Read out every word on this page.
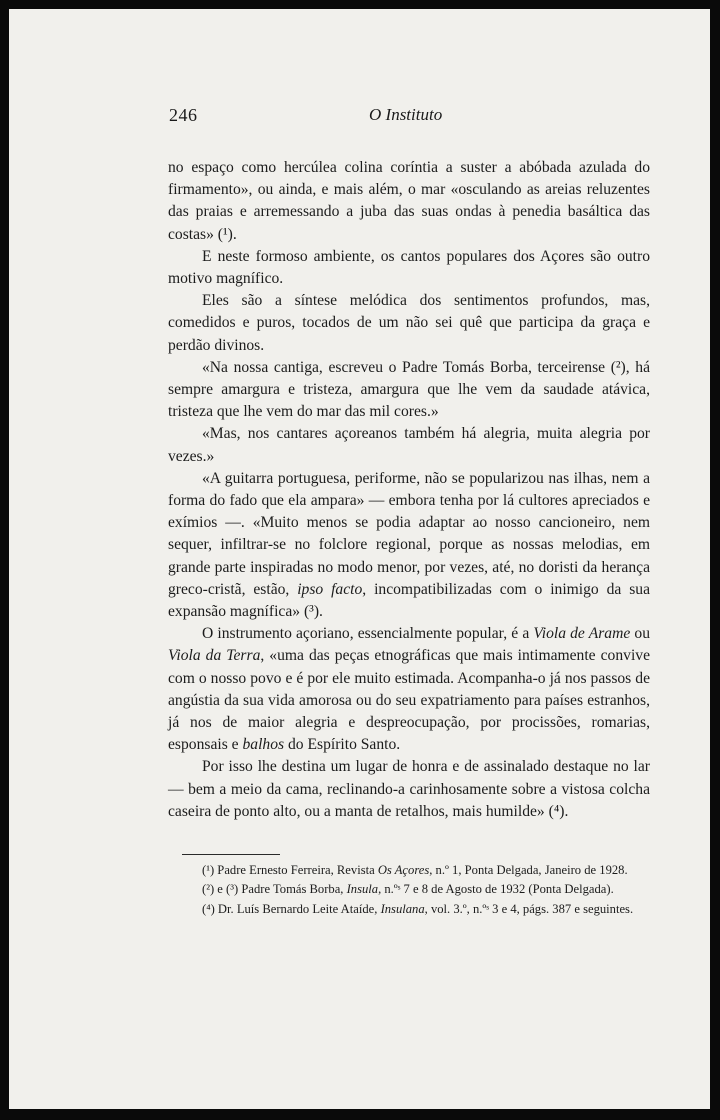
246	O Instituto

no espaço como hercúlea colina coríntia a suster a abóbada azulada do firmamento», ou ainda, e mais além, o mar «osculando as areias reluzentes das praias e arremessando a juba das suas ondas à penedia basáltica das costas» (¹).

E neste formoso ambiente, os cantos populares dos Açores são outro motivo magnífico.

Eles são a síntese melódica dos sentimentos profundos, mas, comedidos e puros, tocados de um não sei quê que participa da graça e perdão divinos.

«Na nossa cantiga, escreveu o Padre Tomás Borba, terceirense (²), há sempre amargura e tristeza, amargura que lhe vem da saudade atávica, tristeza que lhe vem do mar das mil cores.»

«Mas, nos cantares açoreanos também há alegria, muita alegria por vezes.»

«A guitarra portuguesa, periforme, não se popularizou nas ilhas, nem a forma do fado que ela ampara» — embora tenha por lá cultores apreciados e exímios —. «Muito menos se podia adaptar ao nosso cancioneiro, nem sequer, infiltrar-se no folclore regional, porque as nossas melodias, em grande parte inspiradas no modo menor, por vezes, até, no doristi da herança greco-cristã, estão, ipso facto, incompatibilizadas com o inimigo da sua expansão magnífica» (³).

O instrumento açoriano, essencialmente popular, é a Viola de Arame ou Viola da Terra, «uma das peças etnográficas que mais intimamente convive com o nosso povo e é por ele muito estimada. Acompanha-o já nos passos de angústia da sua vida amorosa ou do seu expatriamento para países estranhos, já nos de maior alegria e despreocupação, por procissões, romarias, esponsais e balhos do Espírito Santo.

Por isso lhe destina um lugar de honra e de assinalado destaque no lar — bem a meio da cama, reclinando-a carinhosamente sobre a vistosa colcha caseira de ponto alto, ou a manta de retalhos, mais humilde» (⁴).

(¹) Padre Ernesto Ferreira, Revista Os Açores, n.º 1, Ponta Delgada, Janeiro de 1928.

(²) e (³) Padre Tomás Borba, Insula, n.ºˢ 7 e 8 de Agosto de 1932 (Ponta Delgada).

(⁴) Dr. Luís Bernardo Leite Ataíde, Insulana, vol. 3.º, n.ºˢ 3 e 4, págs. 387 e seguintes.
